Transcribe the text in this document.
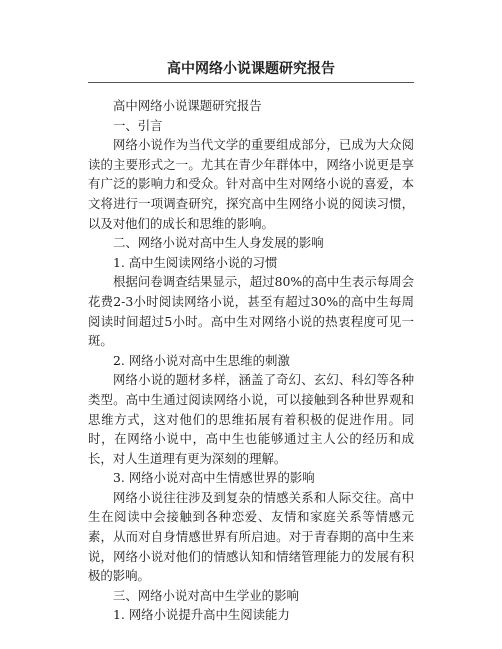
高中网络小说课题研究报告

高中网络小说课题研究报告

一、引言

网络小说作为当代文学的重要组成部分，已成为大众阅读的主要形式之一。尤其在青少年群体中，网络小说更是享有广泛的影响力和受众。针对高中生对网络小说的喜爱，本文将进行一项调查研究，探究高中生网络小说的阅读习惯，以及对他们的成长和思维的影响。

二、网络小说对高中生人身发展的影响

1. 高中生阅读网络小说的习惯

根据问卷调查结果显示，超过80%的高中生表示每周会花费2-3小时阅读网络小说，甚至有超过30%的高中生每周阅读时间超过5小时。高中生对网络小说的热衷程度可见一斑。

2. 网络小说对高中生思维的刺激

网络小说的题材多样，涵盖了奇幻、玄幻、科幻等各种类型。高中生通过阅读网络小说，可以接触到各种世界观和思维方式，这对他们的思维拓展有着积极的促进作用。同时，在网络小说中，高中生也能够通过主人公的经历和成长，对人生道理有更为深刻的理解。

3. 网络小说对高中生情感世界的影响

网络小说往往涉及到复杂的情感关系和人际交往。高中生在阅读中会接触到各种恋爱、友情和家庭关系等情感元素，从而对自身情感世界有所启迪。对于青春期的高中生来说，网络小说对他们的情感认知和情绪管理能力的发展有积极的影响。

三、网络小说对高中生学业的影响

1. 网络小说提升高中生阅读能力
